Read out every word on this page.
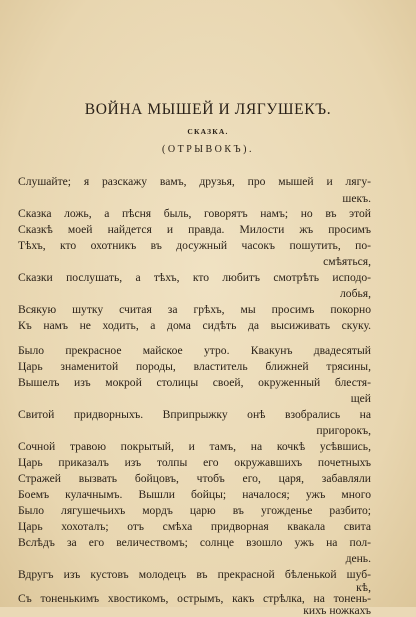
ВОЙНА МЫШЕЙ И ЛЯГУШЕКЪ.
СКАЗКА.
(ОТРЫВОКЪ).
Слушайте; я разскажу вамъ, друзья, про мышей и лягу-
шекъ.
Сказка ложь, а пѣсня быль, говорятъ намъ; но въ этой
Сказкѣ моей найдется и правда. Милости жъ просимъ
Тѣхъ, кто охотникъ въ досужный часокъ пошутить, по-
смѣяться,
Сказки послушать, а тѣхъ, кто любитъ смотрѣть исподо-
лобья,
Всякую шутку считая за грѣхъ, мы просимъ покорно
Къ намъ не ходить, а дома сидѣть да высиживать скуку.
Было прекрасное майское утро. Квакунъ двадесятый
Царь знаменитой породы, властитель ближней трясины,
Вышелъ изъ мокрой столицы своей, окруженный блестя-
щей
Свитой придворныхъ. Вприпрыжку онѣ взобрались на
пригорокъ,
Сочной травою покрытый, и тамъ, на кочкѣ усѣвшись,
Царь приказалъ изъ толпы его окружавшихъ почетныхъ
Стражей вызвать бойцовъ, чтобъ его, царя, забавляли
Боемъ кулачнымъ. Вышли бойцы; началося; ужъ много
Было лягушечьихъ мордъ царю въ угожденье разбито;
Царь хохоталъ; отъ смѣха придворная квакала свита
Вслѣдъ за его величествомъ; солнце взошло ужъ на пол-
день.
Вдругъ изъ кустовъ молодецъ въ прекрасной бѣленькой шуб-
кѣ,
Съ тоненькимъ хвостикомъ, острымъ, какъ стрѣлка, на тонень-
кихъ ножкахъ
